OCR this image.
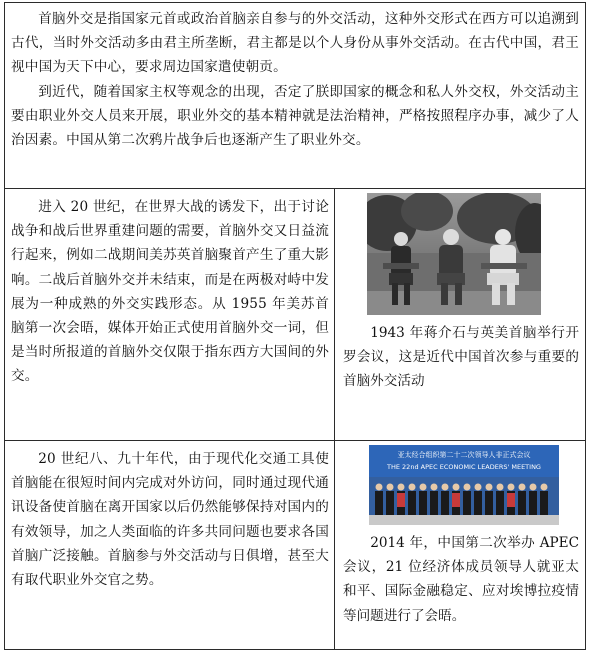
首脑外交是指国家元首或政治首脑亲自参与的外交活动，这种外交形式在西方可以追溯到古代，当时外交活动多由君主所垄断，君主都是以个人身份从事外交活动。在古代中国，君王视中国为天下中心，要求周边国家遣使朝贡。
到近代，随着国家主权等观念的出现，否定了朕即国家的概念和私人外交权，外交活动主要由职业外交人员来开展，职业外交的基本精神就是法治精神，严格按照程序办事，减少了人治因素。中国从第二次鸦片战争后也逐渐产生了职业外交。
进入 20 世纪，在世界大战的诱发下，出于讨论战争和战后世界重建问题的需要，首脑外交又日益流行起来，例如二战期间美苏英首脑聚首产生了重大影响。二战后首脑外交并未结束，而是在两极对峙中发展为一种成熟的外交实践形态。从 1955 年美苏首脑第一次会晤，媒体开始正式使用首脑外交一词，但是当时所报道的首脑外交仅限于指东西方大国间的外交。
1943 年蒋介石与英美首脑举行开罗会议，这是近代中国首次参与重要的首脑外交活动
20 世纪八、九十年代，由于现代化交通工具使首脑能在很短时间内完成对外访问，同时通过现代通讯设备使首脑在离开国家以后仍然能够保持对国内的有效领导，加之人类面临的许多共同问题也要求各国首脑广泛接触。首脑参与外交活动与日俱增，甚至大有取代职业外交官之势。
亚太经合组织第二十二次领导人非正式会议
THE 22nd APEC ECONOMIC LEADERS' MEETING
2014 年，中国第二次举办 APEC 会议，21 位经济体成员领导人就亚太和平、国际金融稳定、应对埃博拉疫情等问题进行了会晤。
